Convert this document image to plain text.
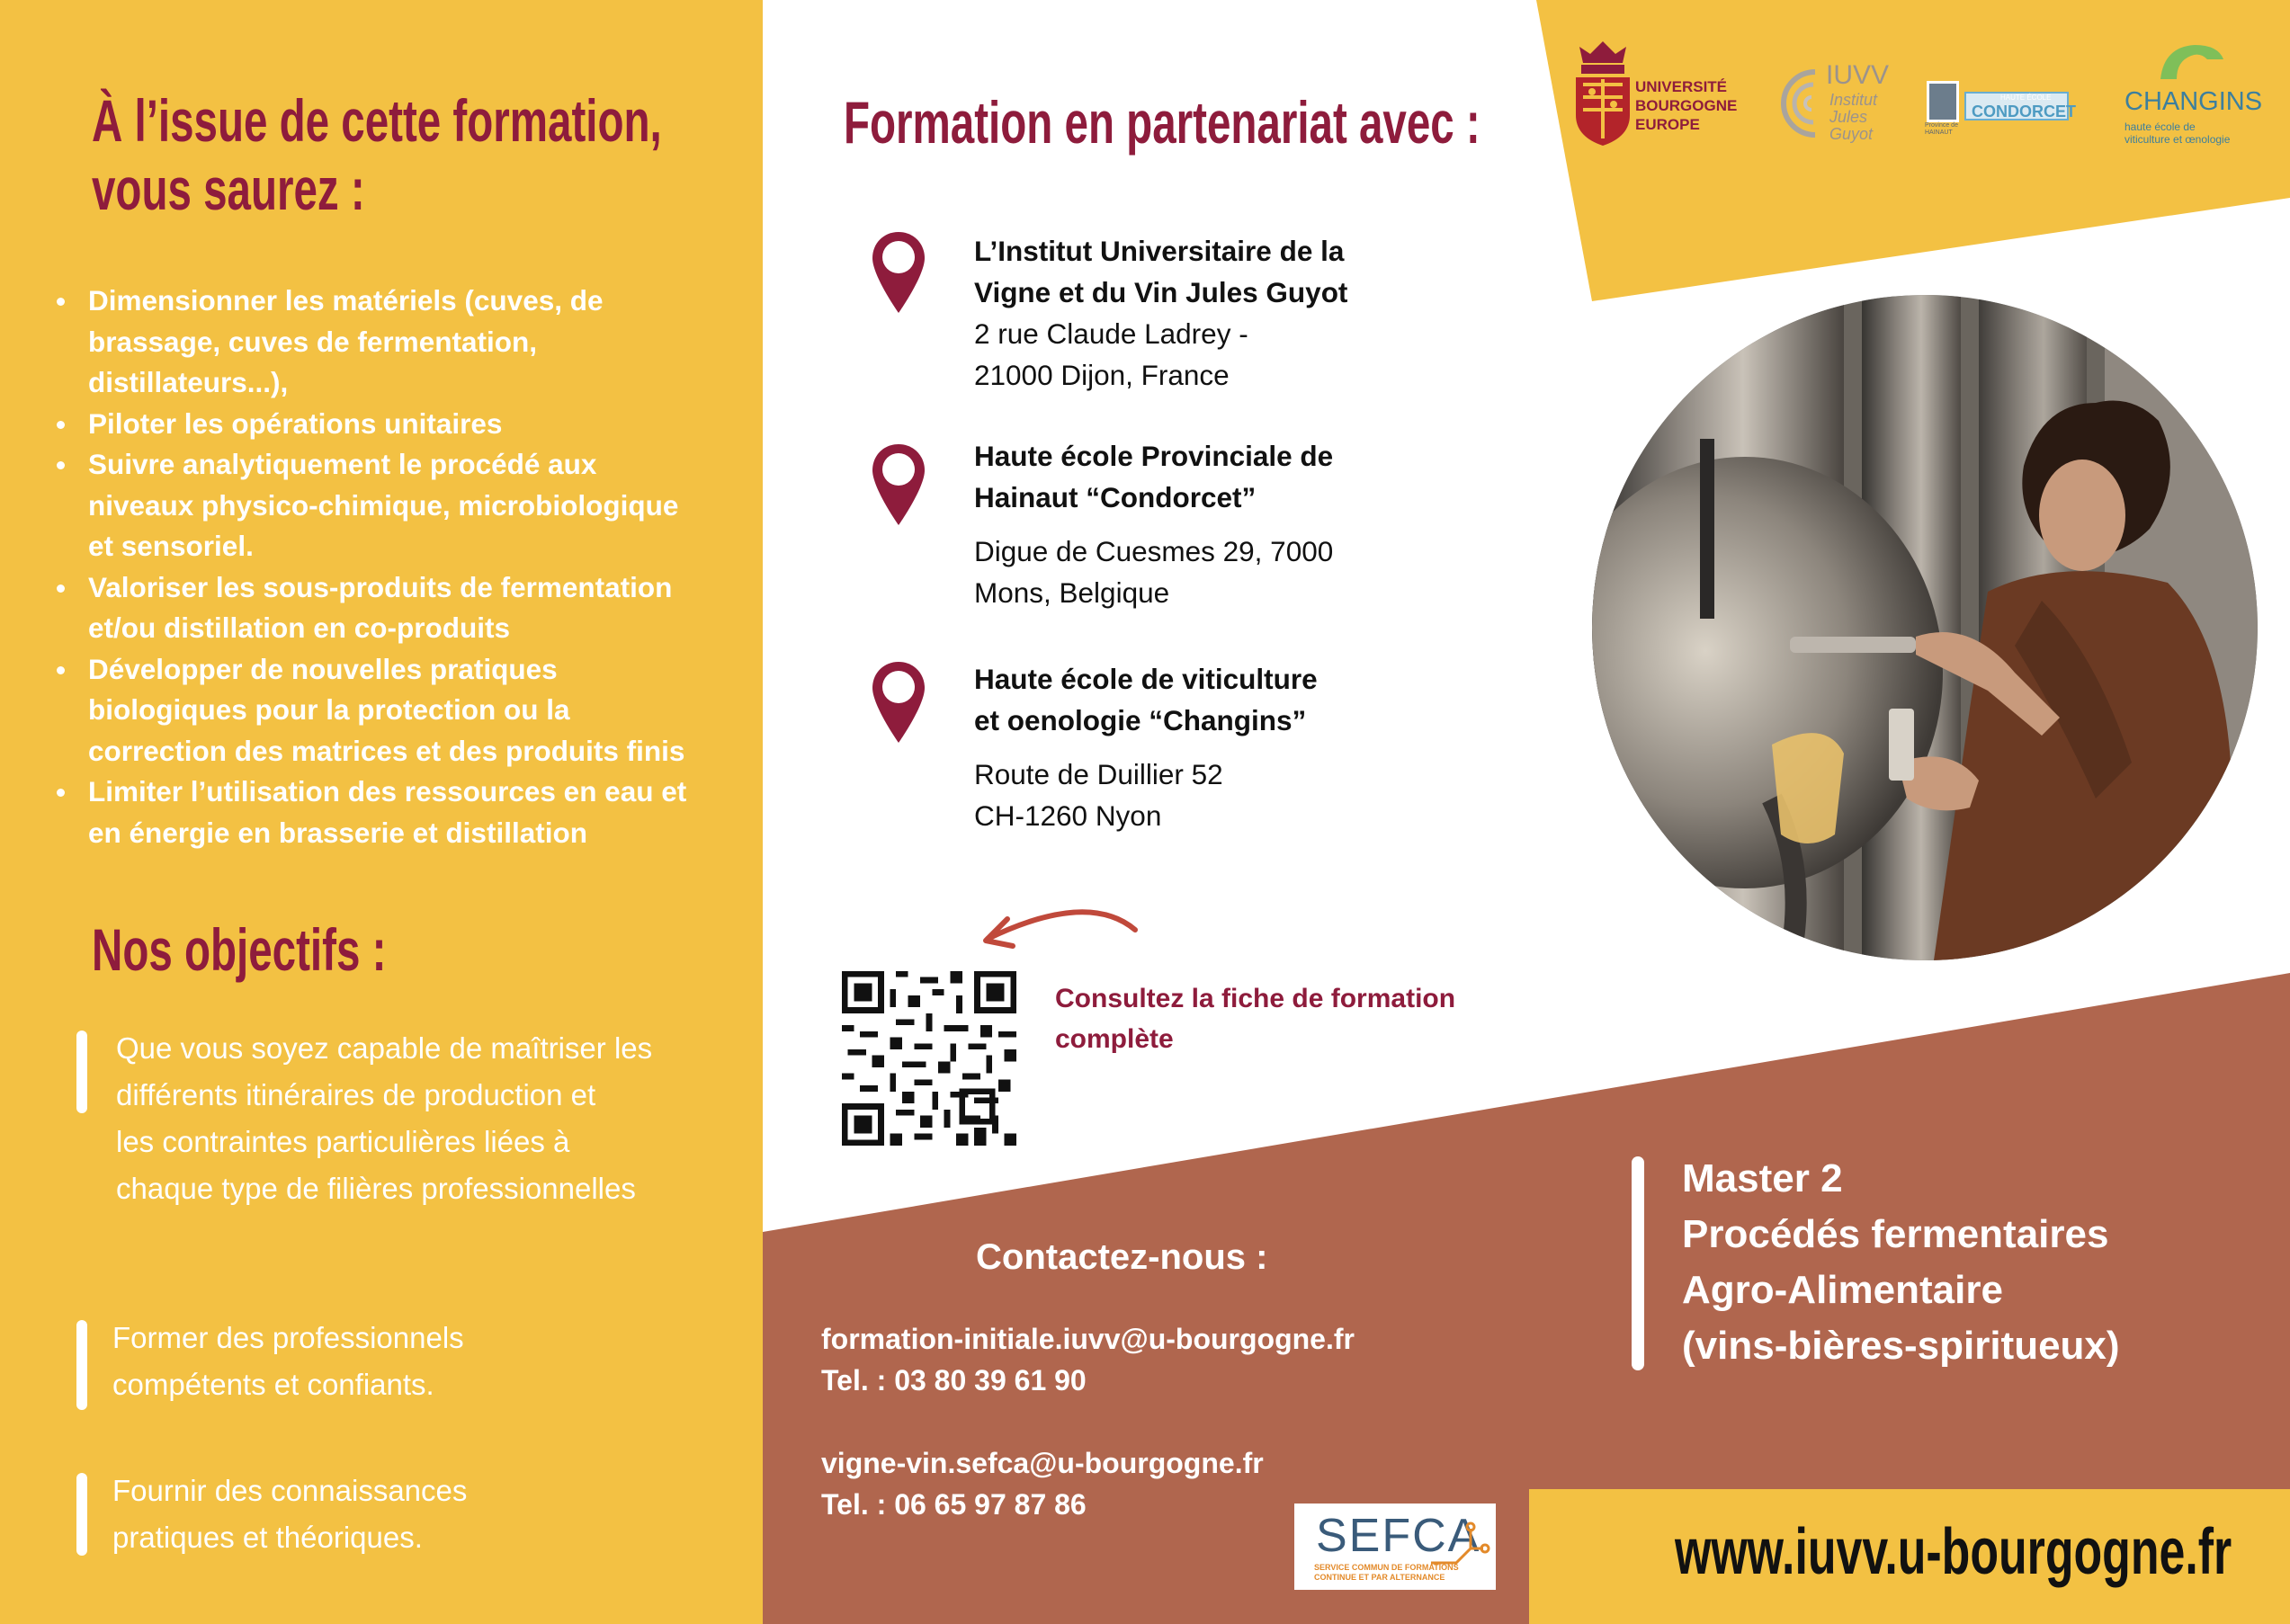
À l’issue de cette formation,
vous saurez :
Dimensionner les matériels (cuves, de
brassage, cuves de fermentation,
distillateurs...),
Piloter les opérations unitaires
Suivre analytiquement le procédé aux
niveaux physico-chimique, microbiologique
et sensoriel.
Valoriser les sous-produits de fermentation
et/ou distillation en co-produits
Développer de nouvelles pratiques
biologiques pour la protection ou la
correction des matrices et des produits finis
Limiter l’utilisation des ressources en eau et
en énergie en brasserie et distillation
Nos objectifs :
Que vous soyez capable de maîtriser les
différents itinéraires de production et
les contraintes particulières liées à
chaque type de filières professionnelles
Former des professionnels
compétents et confiants.
Fournir des connaissances
pratiques et théoriques.
UNIVERSITÉ
BOURGOGNE
EUROPE
IUVV
Institut
Jules
Guyot	Province de
HAINAUT
HAUTE ÉCOLE
CONDORCET CHANGINS
haute école de
viticulture et œnologie
Formation en partenariat avec :
L’Institut Universitaire de la
Vigne et du Vin Jules Guyot
2 rue Claude Ladrey -
21000 Dijon, France
Haute école Provinciale de
Hainaut “Condorcet”
Digue de Cuesmes 29, 7000
Mons, Belgique
Haute école de viticulture
et oenologie “Changins”
Route de Duillier 52
CH-1260 Nyon
Consultez la fiche de formation
complète
Contactez-nous :
formation-initiale.iuvv@u-bourgogne.fr
Tel. : 03 80 39 61 90
vigne-vin.sefca@u-bourgogne.fr
Tel. : 06 65 97 87 86
SEFCA
SERVICE COMMUN DE FORMATIONS
CONTINUE ET PAR ALTERNANCE
Master 2
Procédés fermentaires
Agro-Alimentaire
(vins-bières-spiritueux)
www.iuvv.u-bourgogne.fr
